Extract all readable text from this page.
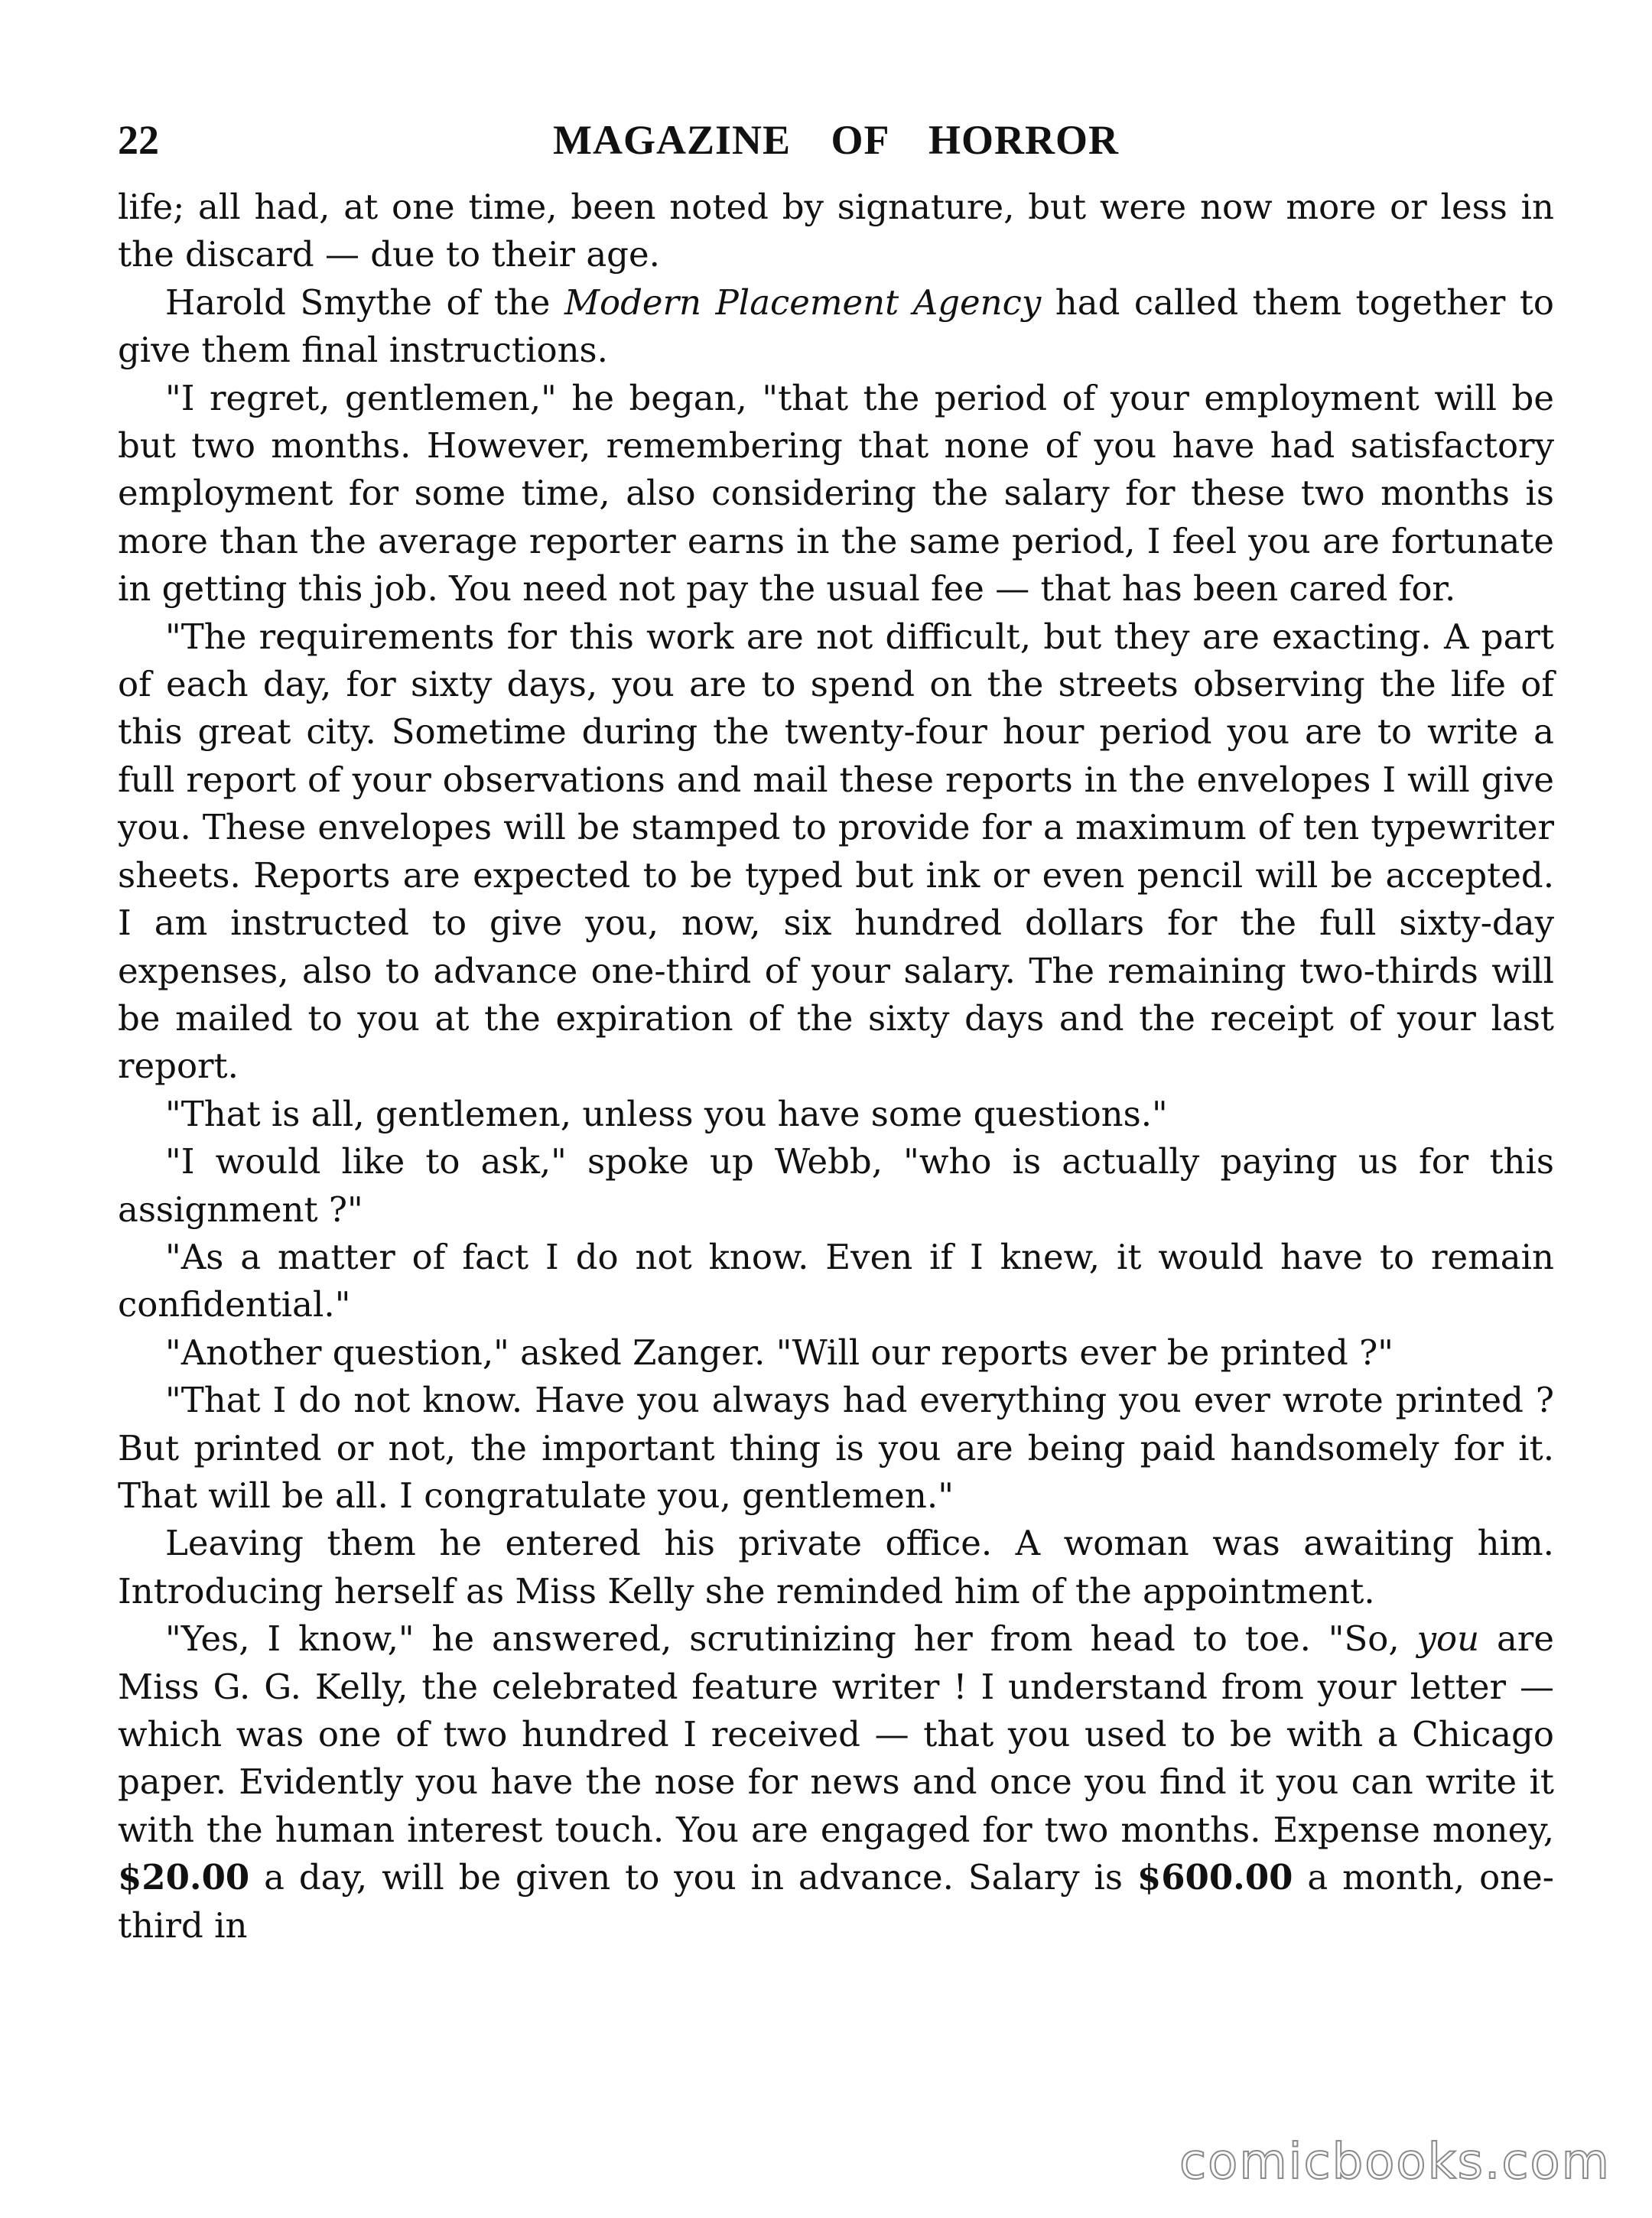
22	MAGAZINE OF HORROR

life; all had, at one time, been noted by signature, but were now more or less in the discard — due to their age.

Harold Smythe of the Modern Placement Agency had called them together to give them final instructions.

"I regret, gentlemen," he began, "that the period of your employment will be but two months. However, remembering that none of you have had satisfactory employment for some time, also considering the salary for these two months is more than the average reporter earns in the same period, I feel you are fortunate in getting this job. You need not pay the usual fee — that has been cared for.

"The requirements for this work are not difficult, but they are exacting. A part of each day, for sixty days, you are to spend on the streets observing the life of this great city. Sometime during the twenty-four hour period you are to write a full report of your observations and mail these reports in the envelopes I will give you. These envelopes will be stamped to provide for a maximum of ten typewriter sheets. Reports are expected to be typed but ink or even pencil will be accepted. I am instructed to give you, now, six hundred dollars for the full sixty-day expenses, also to advance one-third of your salary. The remaining two-thirds will be mailed to you at the expiration of the sixty days and the receipt of your last report.

"That is all, gentlemen, unless you have some questions."

"I would like to ask," spoke up Webb, "who is actually paying us for this assignment ?"

"As a matter of fact I do not know. Even if I knew, it would have to remain confidential."

"Another question," asked Zanger. "Will our reports ever be printed ?"

"That I do not know. Have you always had everything you ever wrote printed ? But printed or not, the important thing is you are being paid handsomely for it. That will be all. I congratulate you, gentlemen."

Leaving them he entered his private office. A woman was awaiting him. Introducing herself as Miss Kelly she reminded him of the appointment.

"Yes, I know," he answered, scrutinizing her from head to toe. "So, you are Miss G. G. Kelly, the celebrated feature writer ! I understand from your letter — which was one of two hundred I received — that you used to be with a Chicago paper. Evidently you have the nose for news and once you find it you can write it with the human interest touch. You are engaged for two months. Expense money, $20.00 a day, will be given to you in advance. Salary is $600.00 a month, one-third in

comicbooks.com
